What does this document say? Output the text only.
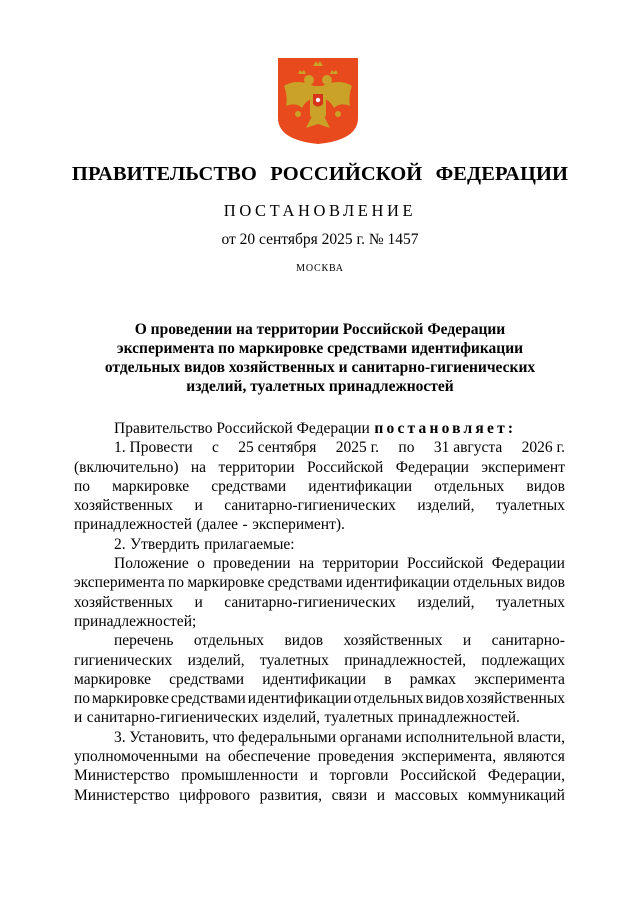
ПРАВИТЕЛЬСТВО РОССИЙСКОЙ ФЕДЕРАЦИИ
ПОСТАНОВЛЕНИЕ
от 20 сентября 2025 г. № 1457
МОСКВА
О проведении на территории Российской Федерации
эксперимента по маркировке средствами идентификации
отдельных видов хозяйственных и санитарно-гигиенических
изделий, туалетных принадлежностей
Правительство Российской Федерации постановляет:
1. Провести с 25 сентября 2025 г. по 31 августа 2026 г.
(включительно) на территории Российской Федерации эксперимент
по маркировке средствами идентификации отдельных видов
хозяйственных и санитарно-гигиенических изделий, туалетных
принадлежностей (далее - эксперимент).
2. Утвердить прилагаемые:
Положение о проведении на территории Российской Федерации
эксперимента по маркировке средствами идентификации отдельных видов
хозяйственных и санитарно-гигиенических изделий, туалетных
принадлежностей;
перечень отдельных видов хозяйственных и санитарно-
гигиенических изделий, туалетных принадлежностей, подлежащих
маркировке средствами идентификации в рамках эксперимента
по маркировке средствами идентификации отдельных видов хозяйственных
и санитарно-гигиенических изделий, туалетных принадлежностей.
3. Установить, что федеральными органами исполнительной власти,
уполномоченными на обеспечение проведения эксперимента, являются
Министерство промышленности и торговли Российской Федерации,
Министерство цифрового развития, связи и массовых коммуникаций
